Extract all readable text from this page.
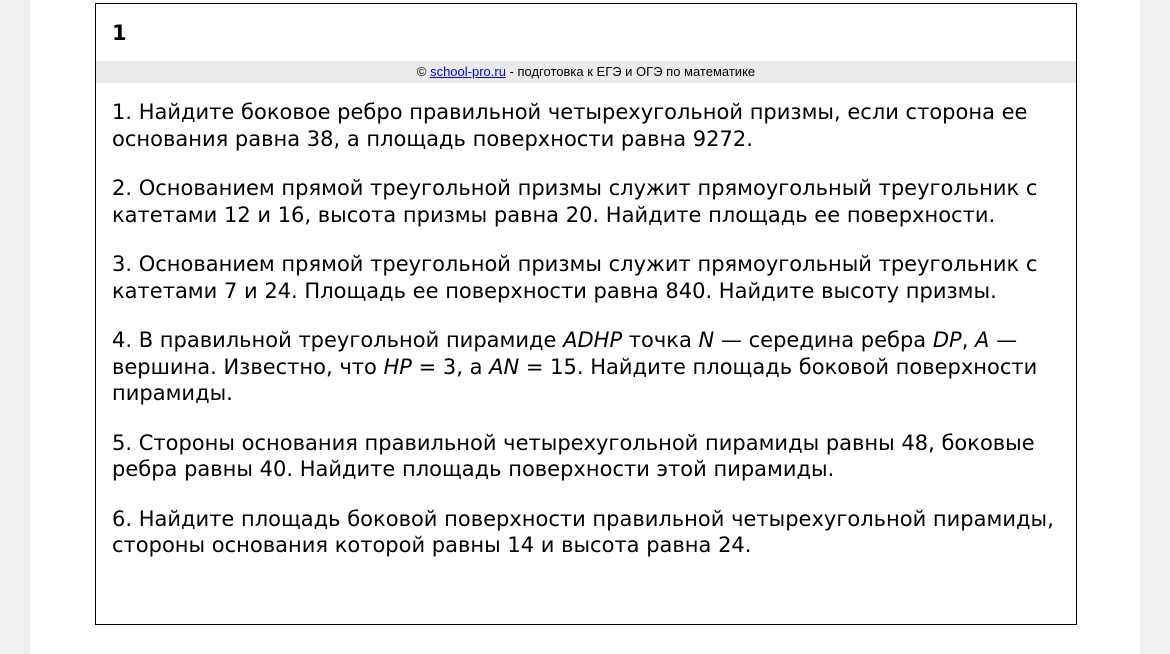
1
© school-pro.ru - подготовка к ЕГЭ и ОГЭ по математике

1. Найдите боковое ребро правильной четырехугольной призмы, если сторона ее основания равна 38, а площадь поверхности равна 9272.

2. Основанием прямой треугольной призмы служит прямоугольный треугольник с катетами 12 и 16, высота призмы равна 20. Найдите площадь ее поверхности.

3. Основанием прямой треугольной призмы служит прямоугольный треугольник с катетами 7 и 24. Площадь ее поверхности равна 840. Найдите высоту призмы.

4. В правильной треугольной пирамиде ADHP точка N — середина ребра DP, A — вершина. Известно, что HP = 3, а AN = 15. Найдите площадь боковой поверхности пирамиды.

5. Стороны основания правильной четырехугольной пирамиды равны 48, боковые ребра равны 40. Найдите площадь поверхности этой пирамиды.

6. Найдите площадь боковой поверхности правильной четырехугольной пирамиды, стороны основания которой равны 14 и высота равна 24.
